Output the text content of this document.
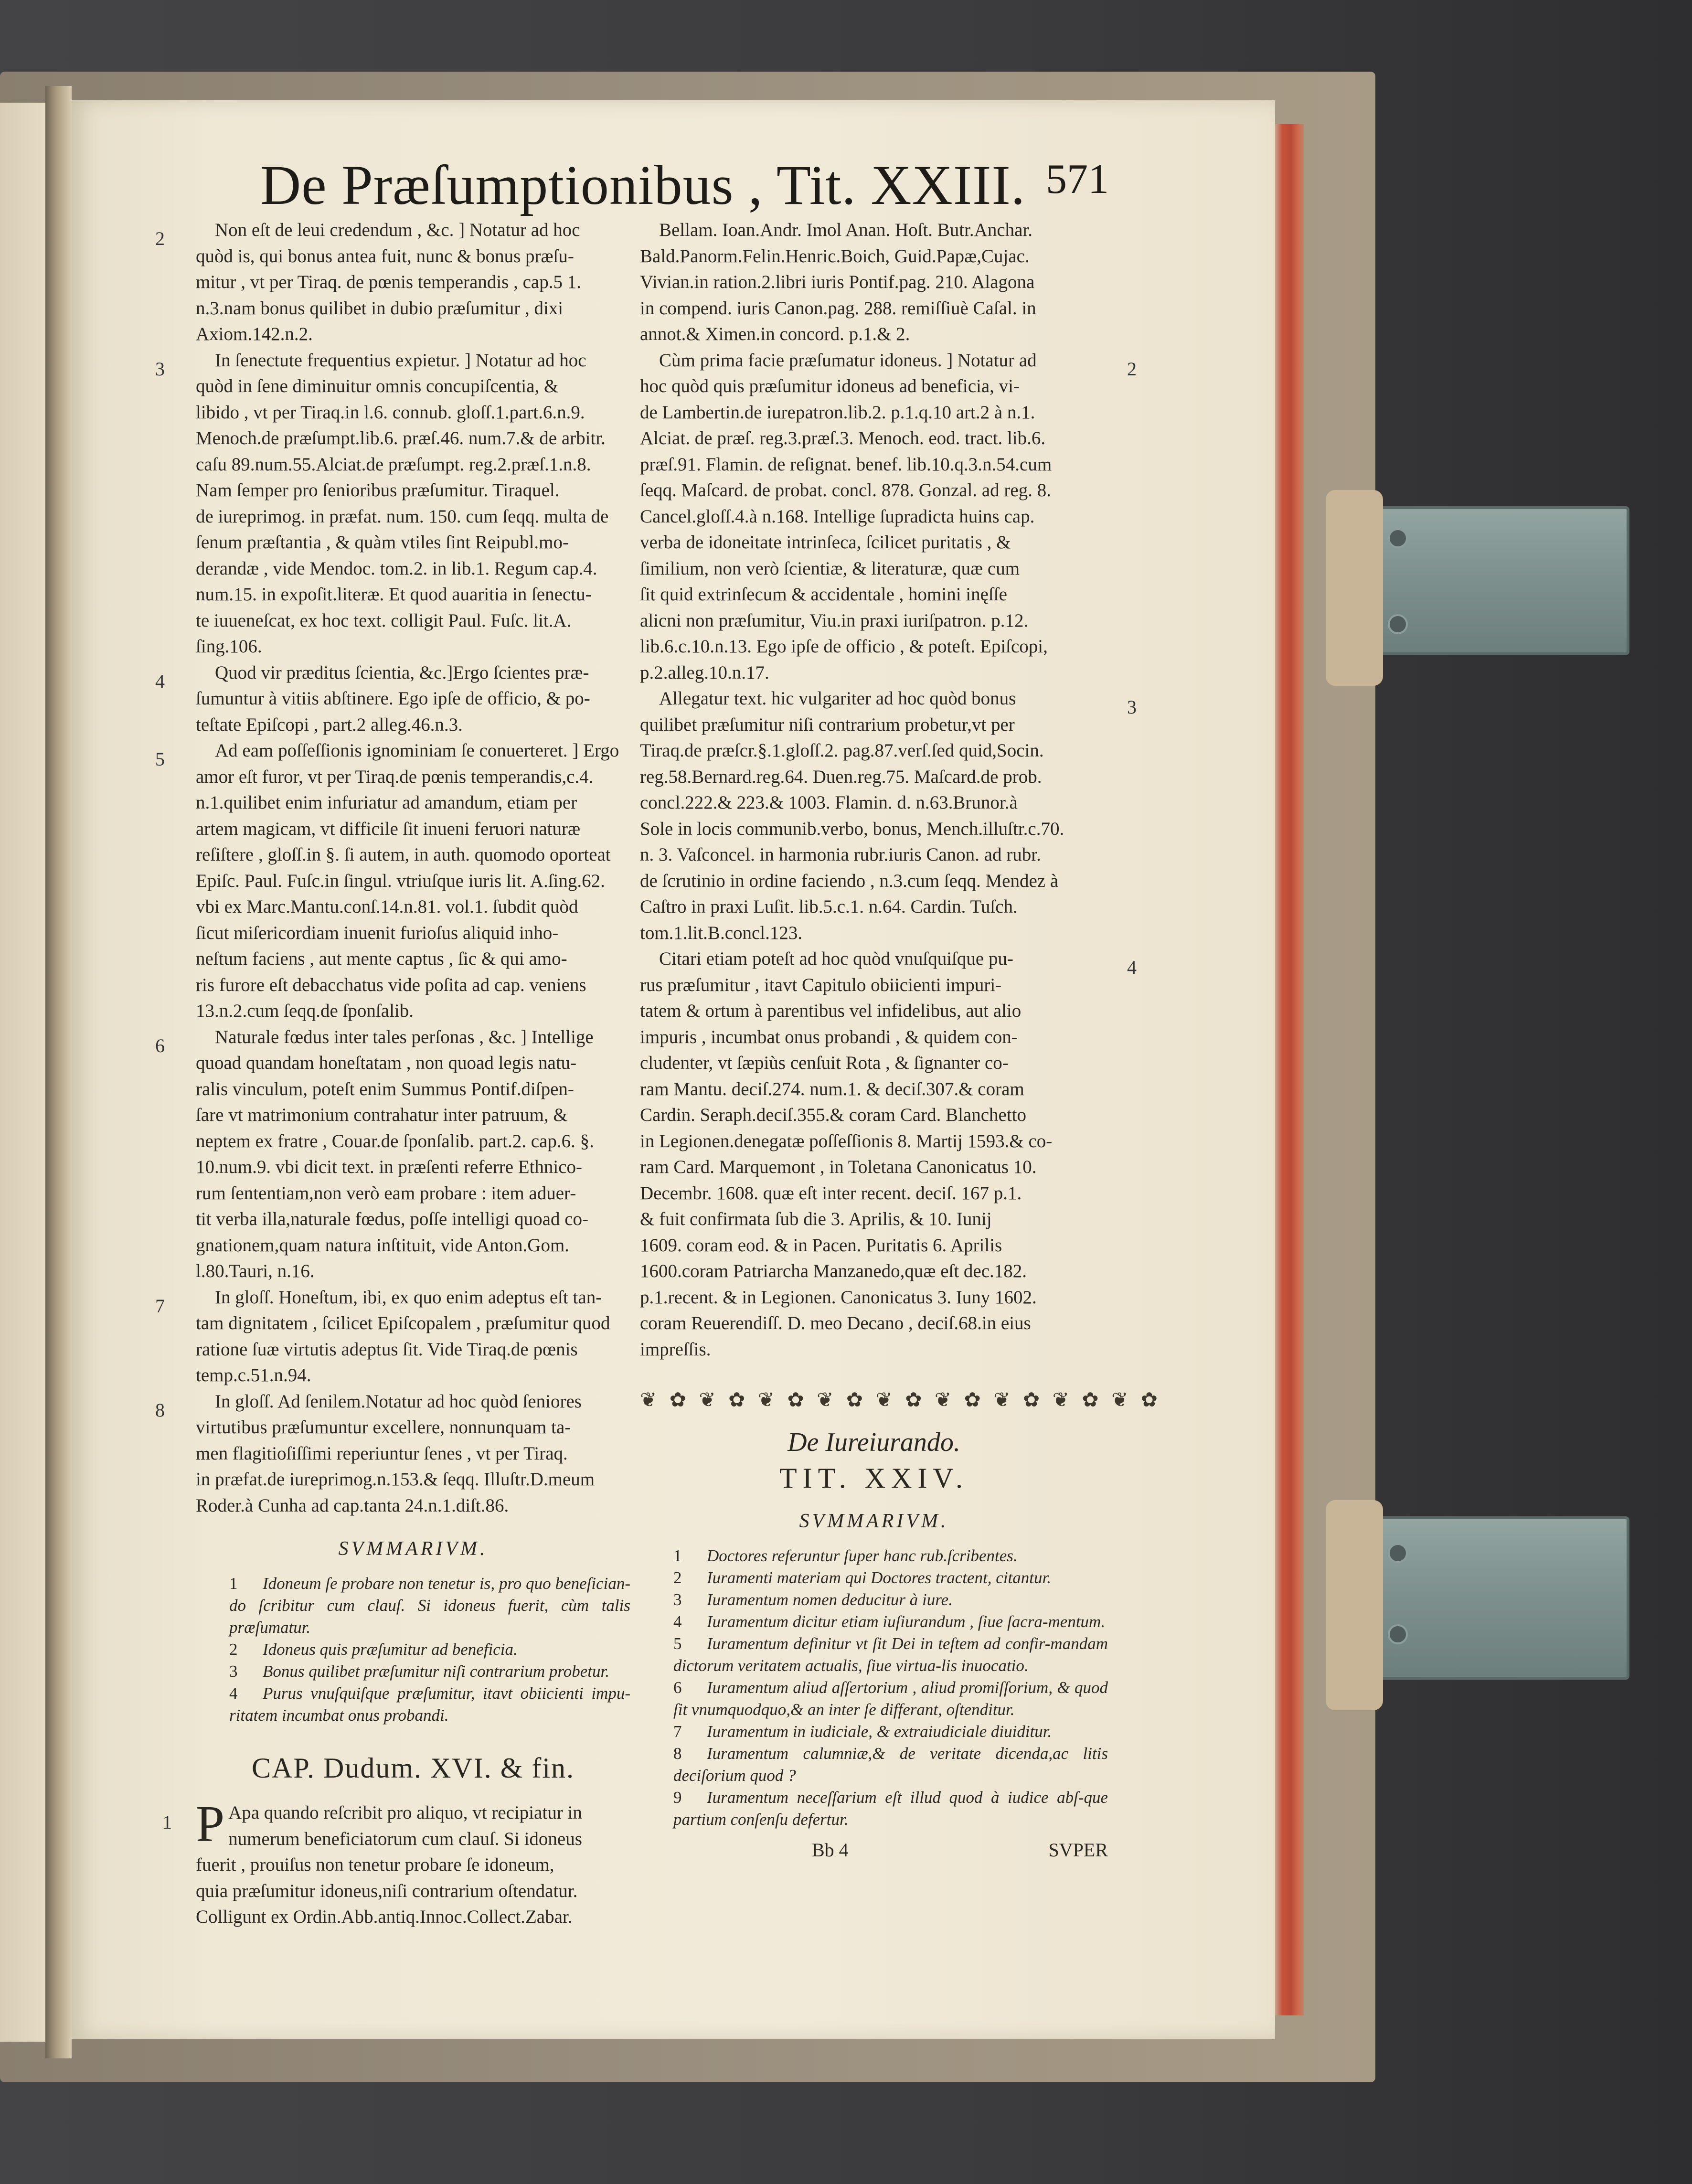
De Præſumptionibus , Tit. XXIII. 571
2	Non eſt de leui credendum , &c. ] Notatur ad hoc
quòd is, qui bonus antea fuit, nunc & bonus præſu-
mitur , vt per Tiraq. de pœnis temperandis , cap.5 1.
n.3.nam bonus quilibet in dubio præſumitur , dixi
Axiom.142.n.2.
3	In ſenectute frequentius expietur. ] Notatur ad hoc
quòd in ſene diminuitur omnis concupiſcentia, &
libido , vt per Tiraq.in l.6. connub. gloſſ.1.part.6.n.9.
Menoch.de præſumpt.lib.6. præſ.46. num.7.& de arbitr.
caſu 89.num.55.Alciat.de præſumpt. reg.2.præſ.1.n.8.
Nam ſemper pro ſenioribus præſumitur. Tiraquel.
de iureprimog. in præfat. num. 150. cum ſeqq. multa de
ſenum præſtantia , & quàm vtiles ſint Reipubl.mo-
derandæ , vide Mendoc. tom.2. in lib.1. Regum cap.4.
num.15. in expoſit.literæ. Et quod auaritia in ſenectu-
te iuueneſcat, ex hoc text. colligit Paul. Fuſc. lit.A.
ſing.106.
4	Quod vir præditus ſcientia, &c.]Ergo ſcientes præ-
ſumuntur à vitiis abſtinere. Ego ipſe de officio, & po-
teſtate Epiſcopi , part.2 alleg.46.n.3.
5	Ad eam poſſeſſionis ignominiam ſe conuerteret. ] Ergo
amor eſt furor, vt per Tiraq.de pœnis temperandis,c.4.
n.1.quilibet enim infuriatur ad amandum, etiam per
artem magicam, vt difficile ſit inueni feruori naturæ
reſiſtere , gloſſ.in §. ſi autem, in auth. quomodo oporteat
Epiſc. Paul. Fuſc.in ſingul. vtriuſque iuris lit. A.ſing.62.
vbi ex Marc.Mantu.conſ.14.n.81. vol.1. ſubdit quòd
ſicut miſericordiam inuenit furioſus aliquid inho-
neſtum faciens , aut mente captus , ſic & qui amo-
ris furore eſt debacchatus vide poſita ad cap. veniens
13.n.2.cum ſeqq.de ſponſalib.
6	Naturale fœdus inter tales perſonas , &c. ] Intellige
quoad quandam honeſtatam , non quoad legis natu-
ralis vinculum, poteſt enim Summus Pontif.diſpen-
ſare vt matrimonium contrahatur inter patruum, &
neptem ex fratre , Couar.de ſponſalib. part.2. cap.6. §.
10.num.9. vbi dicit text. in præſenti referre Ethnico-
rum ſententiam,non verò eam probare : item aduer-
tit verba illa,naturale fœdus, poſſe intelligi quoad co-
gnationem,quam natura inſtituit, vide Anton.Gom.
l.80.Tauri, n.16.
7	In gloſſ. Honeſtum, ibi, ex quo enim adeptus eſt tan-
tam dignitatem , ſcilicet Epiſcopalem , præſumitur quod
ratione ſuæ virtutis adeptus ſit. Vide Tiraq.de pœnis
temp.c.51.n.94.
8	In gloſſ. Ad ſenilem.Notatur ad hoc quòd ſeniores
virtutibus præſumuntur excellere, nonnunquam ta-
men flagitioſiſſimi reperiuntur ſenes , vt per Tiraq.
in præfat.de iureprimog.n.153.& ſeqq. Illuſtr.D.meum
Roder.à Cunha ad cap.tanta 24.n.1.diſt.86.
SVMMARIVM.

1 Idoneum ſe probare non tenetur is, pro quo beneſician-do ſcribitur cum clauſ. Si idoneus fuerit, cùm talis præſumatur.

2 Idoneus quis præſumitur ad beneficia.

3 Bonus quilibet præſumitur niſi contrarium probetur.

4 Purus vnuſquiſque præſumitur, itavt obiicienti impu-ritatem incumbat onus probandi.

CAP. Dudum. XVI. & fin.
1 P Apa quando reſcribit pro aliquo, vt recipiatur in
numerum beneficiatorum cum clauſ. Si idoneus
fuerit , prouiſus non tenetur probare ſe idoneum,
quia præſumitur idoneus,niſi contrarium oſtendatur.
Colligunt ex Ordin.Abb.antiq.Innoc.Collect.Zabar.
Bellam. Ioan.Andr. Imol Anan. Hoſt. Butr.Anchar.
Bald.Panorm.Felin.Henric.Boich, Guid.Papæ,Cujac.
Vivian.in ration.2.libri iuris Pontif.pag. 210. Alagona
in compend. iuris Canon.pag. 288. remiſſiuè Caſal. in
annot.& Ximen.in concord. p.1.& 2.
2
Cùm prima facie præſumatur idoneus. ] Notatur ad
hoc quòd quis præſumitur idoneus ad beneficia, vi-
de Lambertin.de iurepatron.lib.2. p.1.q.10 art.2 à n.1.
Alciat. de præſ. reg.3.præſ.3. Menoch. eod. tract. lib.6.
præſ.91. Flamin. de reſignat. benef. lib.10.q.3.n.54.cum
ſeqq. Maſcard. de probat. concl. 878. Gonzal. ad reg. 8.
Cancel.gloſſ.4.à n.168. Intellige ſupradicta huins cap.
verba de idoneitate intrinſeca, ſcilicet puritatis , &
ſimilium, non verò ſcientiæ, & literaturæ, quæ cum
ſit quid extrinſecum & accidentale , homini inęſſe
alicni non præſumitur, Viu.in praxi iuriſpatron. p.12.
lib.6.c.10.n.13. Ego ipſe de officio , & poteſt. Epiſcopi,
p.2.alleg.10.n.17.
3
Allegatur text. hic vulgariter ad hoc quòd bonus
quilibet præſumitur niſi contrarium probetur,vt per
Tiraq.de præſcr.§.1.gloſſ.2. pag.87.verſ.ſed quid,Socin.
reg.58.Bernard.reg.64. Duen.reg.75. Maſcard.de prob.
concl.222.& 223.& 1003. Flamin. d. n.63.Brunor.à
Sole in locis communib.verbo, bonus, Mench.illuſtr.c.70.
n. 3. Vaſconcel. in harmonia rubr.iuris Canon. ad rubr.
de ſcrutinio in ordine faciendo , n.3.cum ſeqq. Mendez à
Caſtro in praxi Luſit. lib.5.c.1. n.64. Cardin. Tuſch.
tom.1.lit.B.concl.123.
4
Citari etiam poteſt ad hoc quòd vnuſquiſque pu-
rus præſumitur , itavt Capitulo obiicienti impuri-
tatem & ortum à parentibus vel infidelibus, aut alio
impuris , incumbat onus probandi , & quidem con-
cludenter, vt ſæpiùs cenſuit Rota , & ſignanter co-
ram Mantu. deciſ.274. num.1. & deciſ.307.& coram
Cardin. Seraph.deciſ.355.& coram Card. Blanchetto
in Legionen.denegatæ poſſeſſionis 8. Martij 1593.& co-
ram Card. Marquemont , in Toletana Canonicatus 10.
Decembr. 1608. quæ eſt inter recent. deciſ. 167 p.1.
& fuit confirmata ſub die 3. Aprilis, & 10. Iunij
1609. coram eod. & in Pacen. Puritatis 6. Aprilis
1600.coram Patriarcha Manzanedo,quæ eſt dec.182.
p.1.recent. & in Legionen. Canonicatus 3. Iuny 1602.
coram Reuerendiſſ. D. meo Decano , deciſ.68.in eius
impreſſis.
❦ ✿ ❦ ✿ ❦ ✿ ❦ ✿ ❦ ✿ ❦ ✿ ❦ ✿ ❦ ✿ ❦ ✿
De Iureiurando.
TIT. XXIV.
SVMMARIVM.

1 Doctores referuntur ſuper hanc rub.ſcribentes.

2 Iuramenti materiam qui Doctores tractent, citantur.

3 Iuramentum nomen deducitur à iure.

4 Iuramentum dicitur etiam iuſiurandum , ſiue ſacra-mentum.

5 Iuramentum definitur vt ſit Dei in teſtem ad confir-mandam dictorum veritatem actualis, ſiue virtua-lis inuocatio.

6 Iuramentum aliud aſſertorium , aliud promiſſorium, & quod ſit vnumquodquo,& an inter ſe differant, oſtenditur.

7 Iuramentum in iudiciale, & extraiudiciale diuiditur.

8 Iuramentum calumniæ,& de veritate dicenda,ac litis deciſorium quod ?

9 Iuramentum neceſſarium eſt illud quod à iudice abſ-que partium conſenſu defertur.

Bb 4	SVPER
